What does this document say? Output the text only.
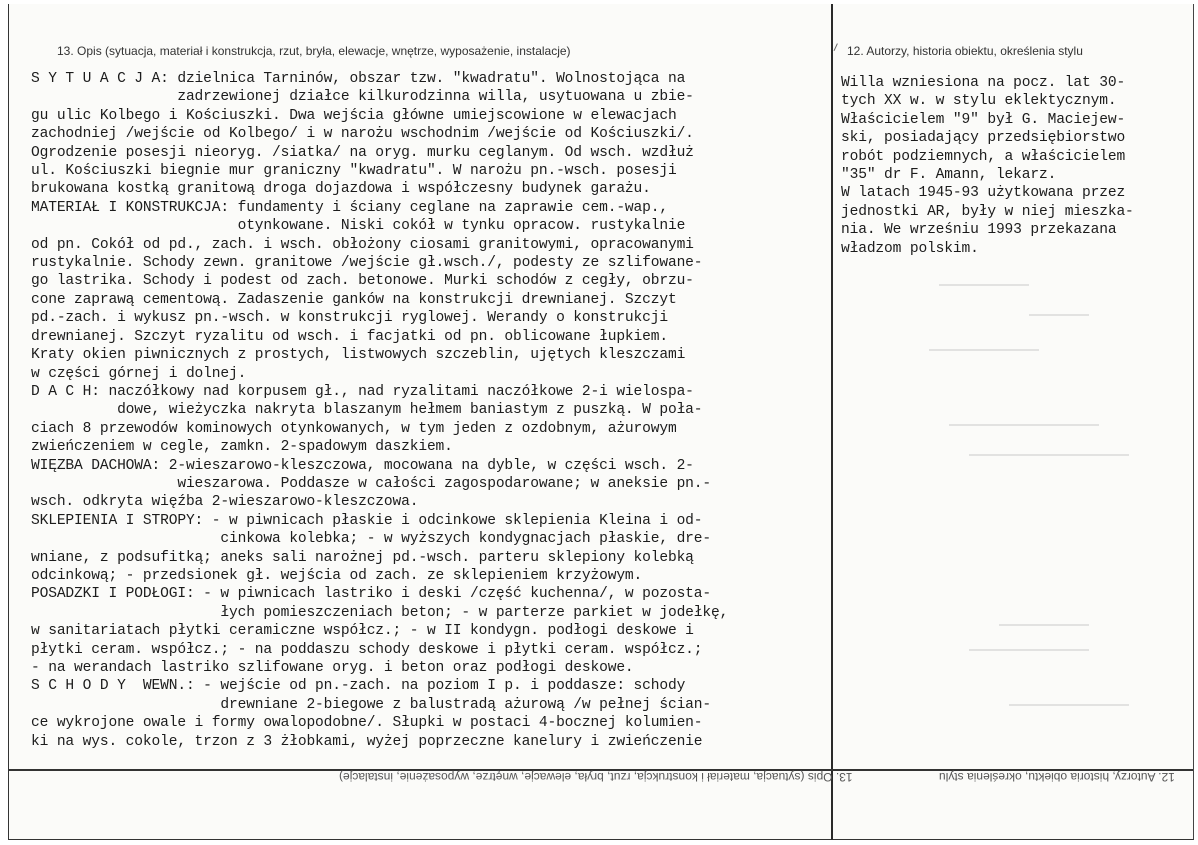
13. Opis (sytuacja, materiał i konstrukcja, rzut, bryła, elewacje, wnętrze, wyposażenie, instalacje)	12. Autorzy, historia obiektu, określenia stylu
S Y T U A C J A: dzielnica Tarninów, obszar tzw. "kwadratu". Wolnostojąca na
zadrzewionej działce kilkurodzinna willa, usytuowana u zbie-
gu ulic Kolbego i Kościuszki. Dwa wejścia główne umiejscowione w elewacjach
zachodniej /wejście od Kolbego/ i w narożu wschodnim /wejście od Kościuszki/.
Ogrodzenie posesji nieoryg. /siatka/ na oryg. murku ceglanym. Od wsch. wzdłuż
ul. Kościuszki biegnie mur graniczny "kwadratu". W narożu pn.-wsch. posesji
brukowana kostką granitową droga dojazdowa i współczesny budynek garażu.
MATERIAŁ I KONSTRUKCJA: fundamenty i ściany ceglane na zaprawie cem.-wap.,
otynkowane. Niski cokół w tynku opracow. rustykalnie
od pn. Cokół od pd., zach. i wsch. obłożony ciosami granitowymi, opracowanymi
rustykalnie. Schody zewn. granitowe /wejście gł.wsch./, podesty ze szlifowane-
go lastrika. Schody i podest od zach. betonowe. Murki schodów z cegły, obrzu-
cone zaprawą cementową. Zadaszenie ganków na konstrukcji drewnianej. Szczyt
pd.-zach. i wykusz pn.-wsch. w konstrukcji ryglowej. Werandy o konstrukcji
drewnianej. Szczyt ryzalitu od wsch. i facjatki od pn. oblicowane łupkiem.
Kraty okien piwnicznych z prostych, listwowych szczeblin, ujętych kleszczami
w części górnej i dolnej.
D A C H: naczółkowy nad korpusem gł., nad ryzalitami naczółkowe 2-i wielospa-
dowe, wieżyczka nakryta blaszanym hełmem baniastym z puszką. W poła-
ciach 8 przewodów kominowych otynkowanych, w tym jeden z ozdobnym, ażurowym
zwieńczeniem w cegle, zamkn. 2-spadowym daszkiem.
WIĘZBA DACHOWA: 2-wieszarowo-kleszczowa, mocowana na dyble, w części wsch. 2-
wieszarowa. Poddasze w całości zagospodarowane; w aneksie pn.-
wsch. odkryta więźba 2-wieszarowo-kleszczowa.
SKLEPIENIA I STROPY: - w piwnicach płaskie i odcinkowe sklepienia Kleina i od-
cinkowa kolebka; - w wyższych kondygnacjach płaskie, dre-
wniane, z podsufitką; aneks sali narożnej pd.-wsch. parteru sklepiony kolebką
odcinkową; - przedsionek gł. wejścia od zach. ze sklepieniem krzyżowym.
POSADZKI I PODŁOGI: - w piwnicach lastriko i deski /część kuchenna/, w pozosta-
łych pomieszczeniach beton; - w parterze parkiet w jodełkę,
w sanitariatach płytki ceramiczne współcz.; - w II kondygn. podłogi deskowe i
płytki ceram. współcz.; - na poddaszu schody deskowe i płytki ceram. współcz.;
- na werandach lastriko szlifowane oryg. i beton oraz podłogi deskowe.
S C H O D Y  WEWN.: - wejście od pn.-zach. na poziom I p. i poddasze: schody
drewniane 2-biegowe z balustradą ażurową /w pełnej ścian-
ce wykrojone owale i formy owalopodobne/. Słupki w postaci 4-bocznej kolumien-
ki na wys. cokole, trzon z 3 żłobkami, wyżej poprzeczne kanelury i zwieńczenie
Willa wzniesiona na pocz. lat 30-
tych XX w. w stylu eklektycznym.
Właścicielem "9" był G. Maciejew-
ski, posiadający przedsiębiorstwo
robót podziemnych, a właścicielem
"35" dr F. Amann, lekarz.
W latach 1945-93 użytkowana przez
jednostki AR, były w niej mieszka-
nia. We wrześniu 1993 przekazana
władzom polskim.
13. Opis (sytuacja, materiał i konstrukcja, rzut, bryła, elewacje, wnętrze, wyposażenie, instalacje)	12. Autorzy, historia obiektu, określenia stylu
